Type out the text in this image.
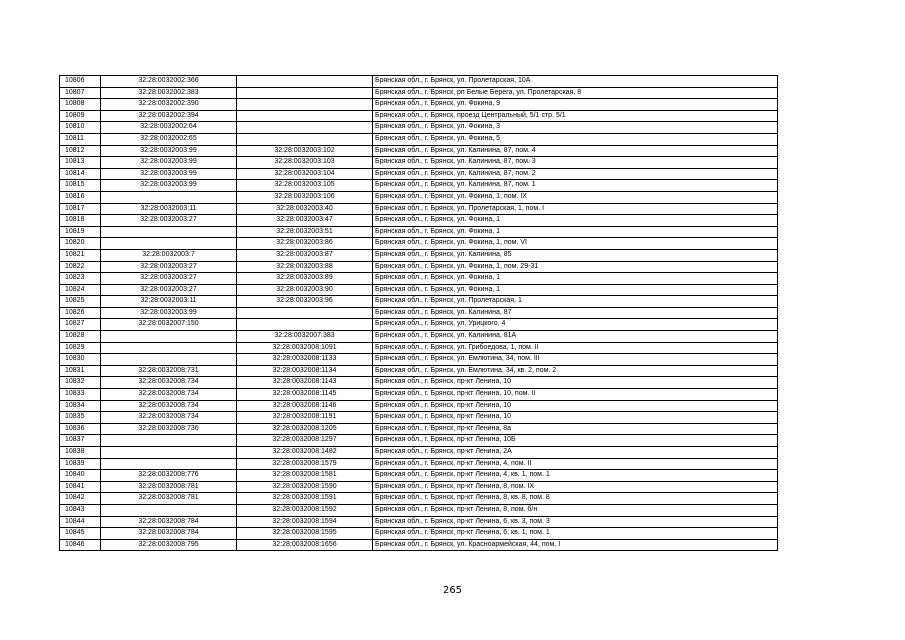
10806	32:28:0032002:366		Брянская обл., г. Брянск, ул. Пролетарская, 10А
10807	32:28:0032002:383		Брянская обл., г. Брянск, рп Белые Берега, ул. Пролетарская, 8
10808	32:28:0032002:390		Брянская обл., г. Брянск, ул. Фокина, 9
10809	32:28:0032002:394		Брянская обл., г. Брянск, проезд Центральный, 5/1 стр. 5/1
10810	32:28:0032002:64		Брянская обл., г. Брянск, ул. Фокина, 3
10811	32:28:0032002:65		Брянская обл., г. Брянск, ул. Фокина, 5
10812	32:28:0032003:99	32:28:0032003:102	Брянская обл., г. Брянск, ул. Калинина, 87, пом. 4
10813	32:28:0032003:99	32:28:0032003:103	Брянская обл., г. Брянск, ул. Калинина, 87, пом. 3
10814	32:28:0032003:99	32:28:0032003:104	Брянская обл., г. Брянск, ул. Калинина, 87, пом. 2
10815	32:28:0032003:99	32:28:0032003:105	Брянская обл., г. Брянск, ул. Калинина, 87, пом. 1
10816		32:28:0032003:106	Брянская обл., г. Брянск, ул. Фокина, 1, пом. IX
10817	32:28:0032003:11	32:28:0032003:40	Брянская обл., г. Брянск, ул. Пролетарская, 1, пом. I
10818	32:28:0032003:27	32:28:0032003:47	Брянская обл., г. Брянск, ул. Фокина, 1
10819		32:28:0032003:51	Брянская обл., г. Брянск, ул. Фокина, 1
10820		32:28:0032003:86	Брянская обл., г. Брянск, ул. Фокина, 1, пом. VI
10821	32:28:0032003:7	32:28:0032003:87	Брянская обл., г. Брянск, ул. Калинина, 85
10822	32:28:0032003:27	32:28:0032003:88	Брянская обл., г. Брянск, ул. Фокина, 1, пом. 29-31
10823	32:28:0032003:27	32:28:0032003:89	Брянская обл., г. Брянск, ул. Фокина, 1
10824	32:28:0032003:27	32:28:0032003:90	Брянская обл., г. Брянск, ул. Фокина, 1
10825	32:28:0032003:11	32:28:0032003:96	Брянская обл., г. Брянск, ул. Пролетарская, 1
10826	32:28:0032003:99		Брянская обл., г. Брянск, ул. Калинина, 87
10827	32:28:0032007:150		Брянская обл., г. Брянск, ул. Урицкого, 4
10828		32:28:0032007:383	Брянская обл., г. Брянск, ул. Калинина, 81А
10829		32:28:0032008:1091	Брянская обл., г. Брянск, ул. Грибоедова, 1, пом. II
10830		32:28:0032008:1133	Брянская обл., г. Брянск, ул. Емлютина, 34, пом. III
10831	32:28:0032008:731	32:28:0032008:1134	Брянская обл., г. Брянск, ул. Емлютина, 34, кв. 2, пом. 2
10832	32:28:0032008:734	32:28:0032008:1143	Брянская обл., г. Брянск, пр-кт Ленина, 10
10833	32:28:0032008:734	32:28:0032008:1145	Брянская обл., г. Брянск, пр-кт Ленина, 10, пом. II
10834	32:28:0032008:734	32:28:0032008:1146	Брянская обл., г. Брянск, пр-кт Ленина, 10
10835	32:28:0032008:734	32:28:0032008:1191	Брянская обл., г. Брянск, пр-кт Ленина, 10
10836	32:28:0032008:736	32:28:0032008:1205	Брянская обл., г. Брянск, пр-кт Ленина, 8а
10837		32:28:0032008:1297	Брянская обл., г. Брянск, пр-кт Ленина, 10Б
10838		32:28:0032008:1482	Брянская обл., г. Брянск, пр-кт Ленина, 2А
10839		32:28:0032008:1579	Брянская обл., г. Брянск, пр-кт Ленина, 4, пом. II
10840	32:28:0032008:776	32:28:0032008:1581	Брянская обл., г. Брянск, пр-кт Ленина, 4, кв. 1, пом. 1
10841	32:28:0032008:781	32:28:0032008:1590	Брянская обл., г. Брянск, пр-кт Ленина, 8, пом. IX
10842	32:28:0032008:781	32:28:0032008:1591	Брянская обл., г. Брянск, пр-кт Ленина, 8, кв. 8, пом. 8
10843		32:28:0032008:1592	Брянская обл., г. Брянск, пр-кт Ленина, 8, пом. б/н
10844	32:28:0032008:784	32:28:0032008:1594	Брянская обл., г. Брянск, пр-кт Ленина, 6, кв. 3, пом. 3
10845	32:28:0032008:784	32:28:0032008:1595	Брянская обл., г. Брянск, пр-кт Ленина, 6, кв. 1, пом. 1
10846	32:28:0032008:795	32:28:0032008:1656	Брянская обл., г. Брянск, ул. Красноармейская, 44, пом. I
265
